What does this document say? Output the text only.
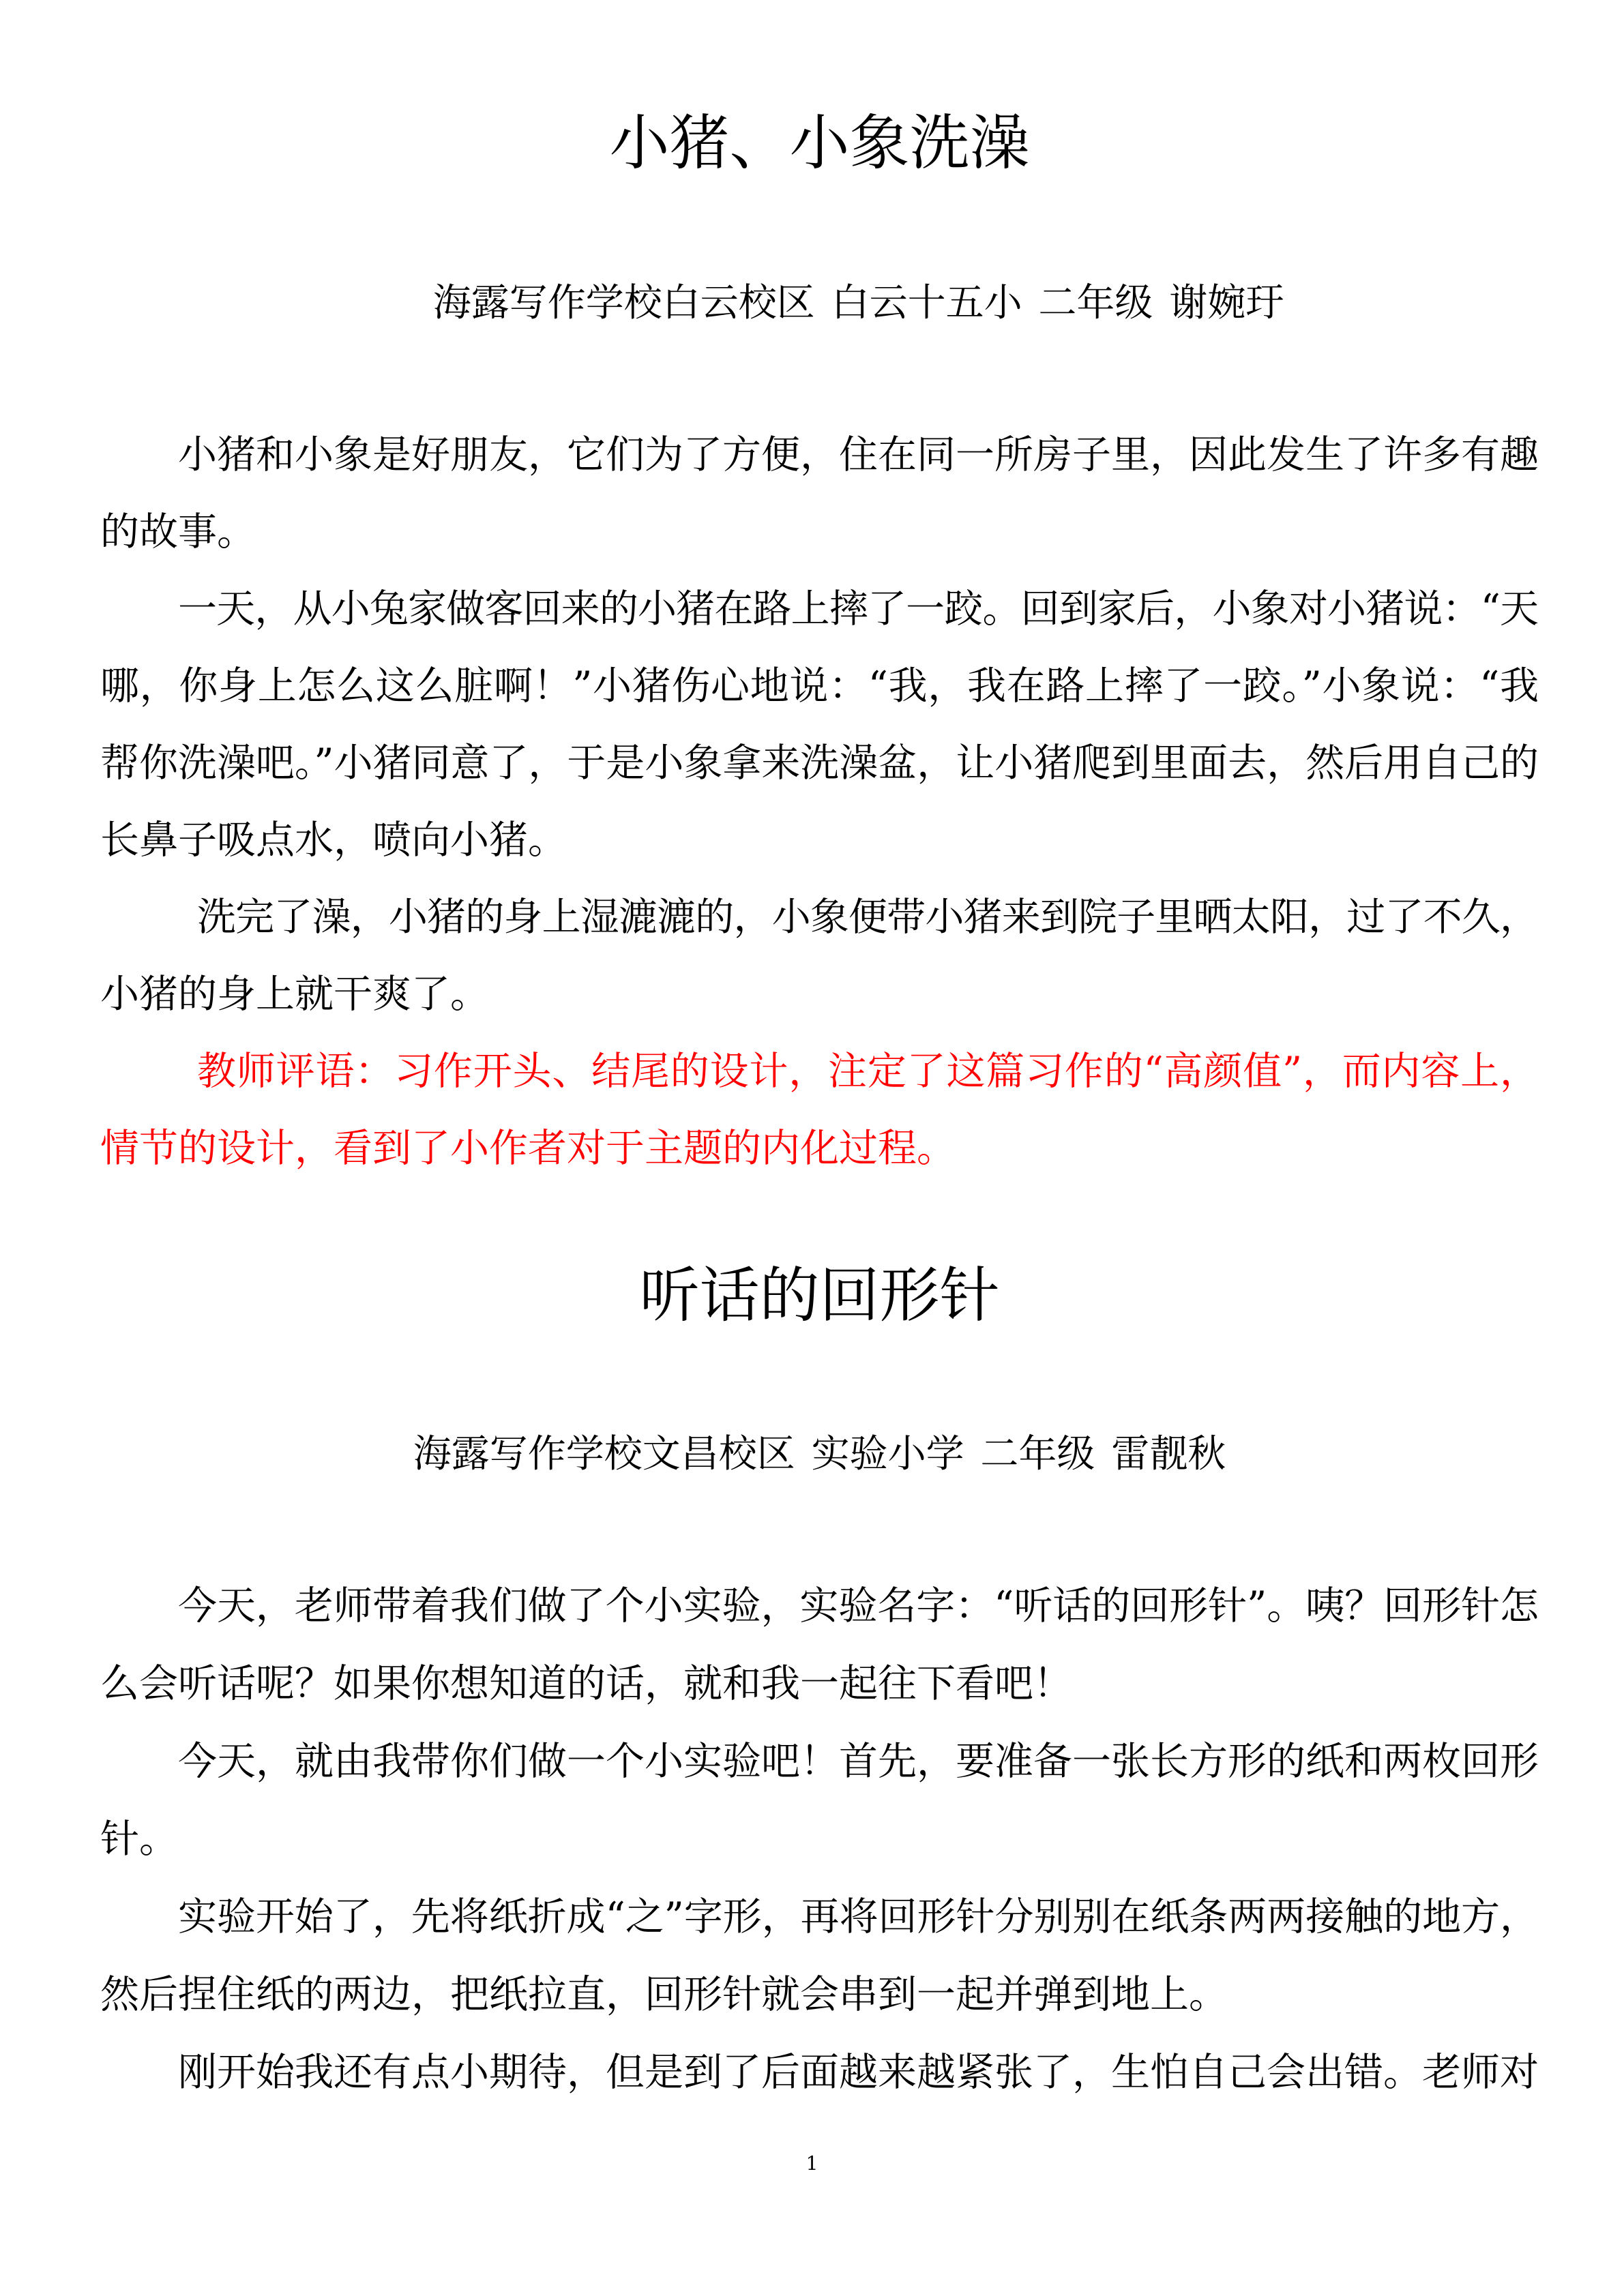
小猪、小象洗澡
海露写作学校白云校区 白云十五小 二年级 谢婉玗
小猪和小象是好朋友，它们为了方便，住在同一所房子里，因此发生了许多有趣
的故事。
一天，从小兔家做客回来的小猪在路上摔了一跤。回到家后，小象对小猪说：“天
哪，你身上怎么这么脏啊！”小猪伤心地说：“我，我在路上摔了一跤。”小象说：“我
帮你洗澡吧。”小猪同意了，于是小象拿来洗澡盆，让小猪爬到里面去，然后用自己的
长鼻子吸点水，喷向小猪。
洗完了澡，小猪的身上湿漉漉的，小象便带小猪来到院子里晒太阳，过了不久，
小猪的身上就干爽了。
教师评语：习作开头、结尾的设计，注定了这篇习作的“高颜值”，而内容上，
情节的设计，看到了小作者对于主题的内化过程。
听话的回形针
海露写作学校文昌校区 实验小学 二年级 雷靓秋
今天，老师带着我们做了个小实验，实验名字：“听话的回形针”。咦？回形针怎
么会听话呢？如果你想知道的话，就和我一起往下看吧！
今天，就由我带你们做一个小实验吧！首先，要准备一张长方形的纸和两枚回形
针。
实验开始了，先将纸折成“之”字形，再将回形针分别别在纸条两两接触的地方，
然后捏住纸的两边，把纸拉直，回形针就会串到一起并弹到地上。
刚开始我还有点小期待，但是到了后面越来越紧张了，生怕自己会出错。老师对
1
